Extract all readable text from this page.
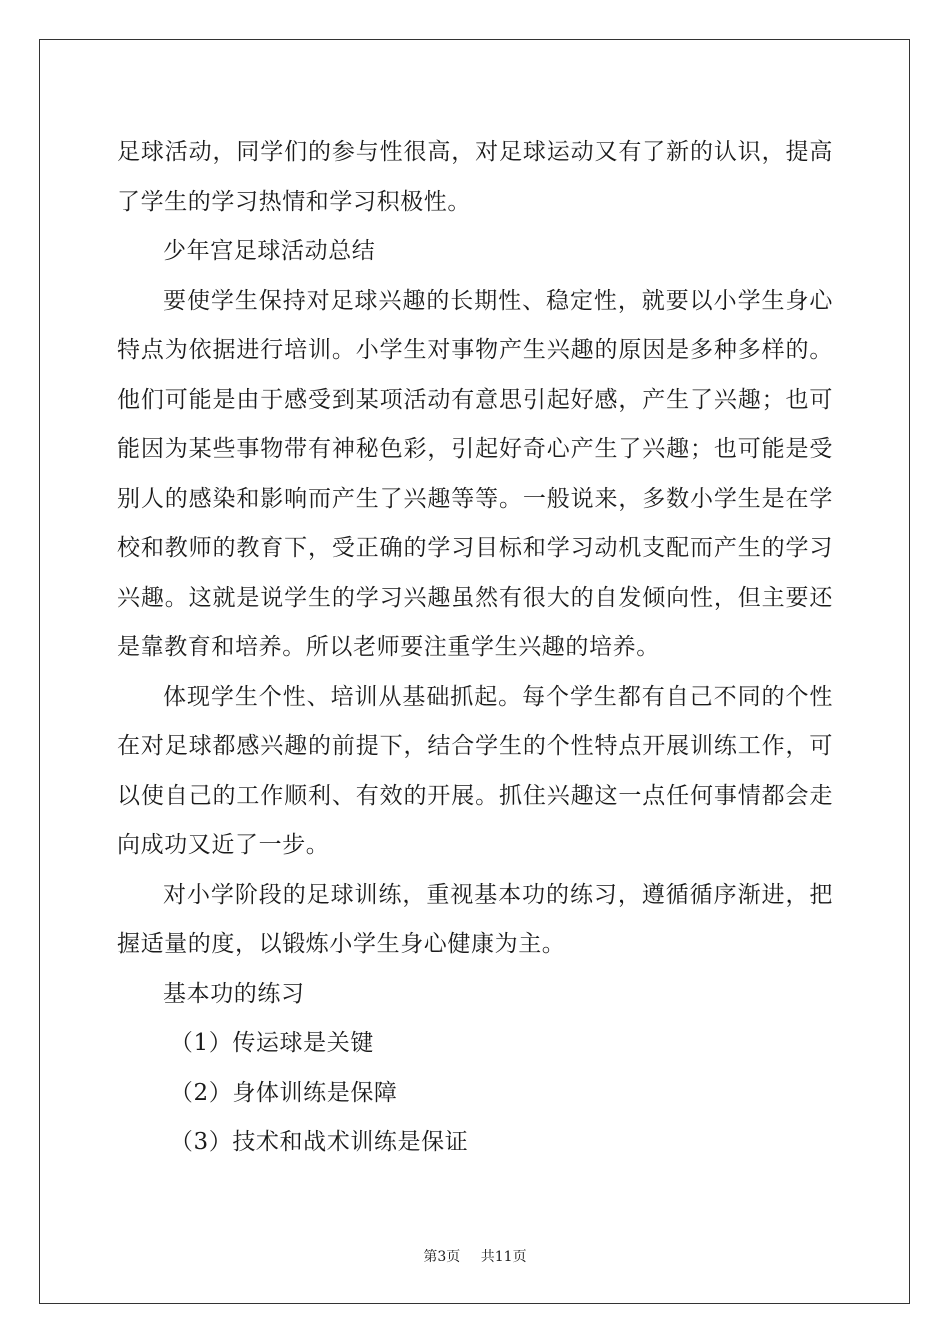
足球活动，同学们的参与性很高，对足球运动又有了新的认识，提高了学生的学习热情和学习积极性。

少年宫足球活动总结

要使学生保持对足球兴趣的长期性、稳定性，就要以小学生身心特点为依据进行培训。小学生对事物产生兴趣的原因是多种多样的。他们可能是由于感受到某项活动有意思引起好感，产生了兴趣；也可能因为某些事物带有神秘色彩，引起好奇心产生了兴趣；也可能是受别人的感染和影响而产生了兴趣等等。一般说来，多数小学生是在学校和教师的教育下，受正确的学习目标和学习动机支配而产生的学习兴趣。这就是说学生的学习兴趣虽然有很大的自发倾向性，但主要还是靠教育和培养。所以老师要注重学生兴趣的培养。

体现学生个性、培训从基础抓起。每个学生都有自己不同的个性在对足球都感兴趣的前提下，结合学生的个性特点开展训练工作，可以使自己的工作顺利、有效的开展。抓住兴趣这一点任何事情都会走向成功又近了一步。

对小学阶段的足球训练，重视基本功的练习，遵循循序渐进，把握适量的度，以锻炼小学生身心健康为主。

基本功的练习

（1）传运球是关键

（2）身体训练是保障

（3）技术和战术训练是保证

第3页 共11页
